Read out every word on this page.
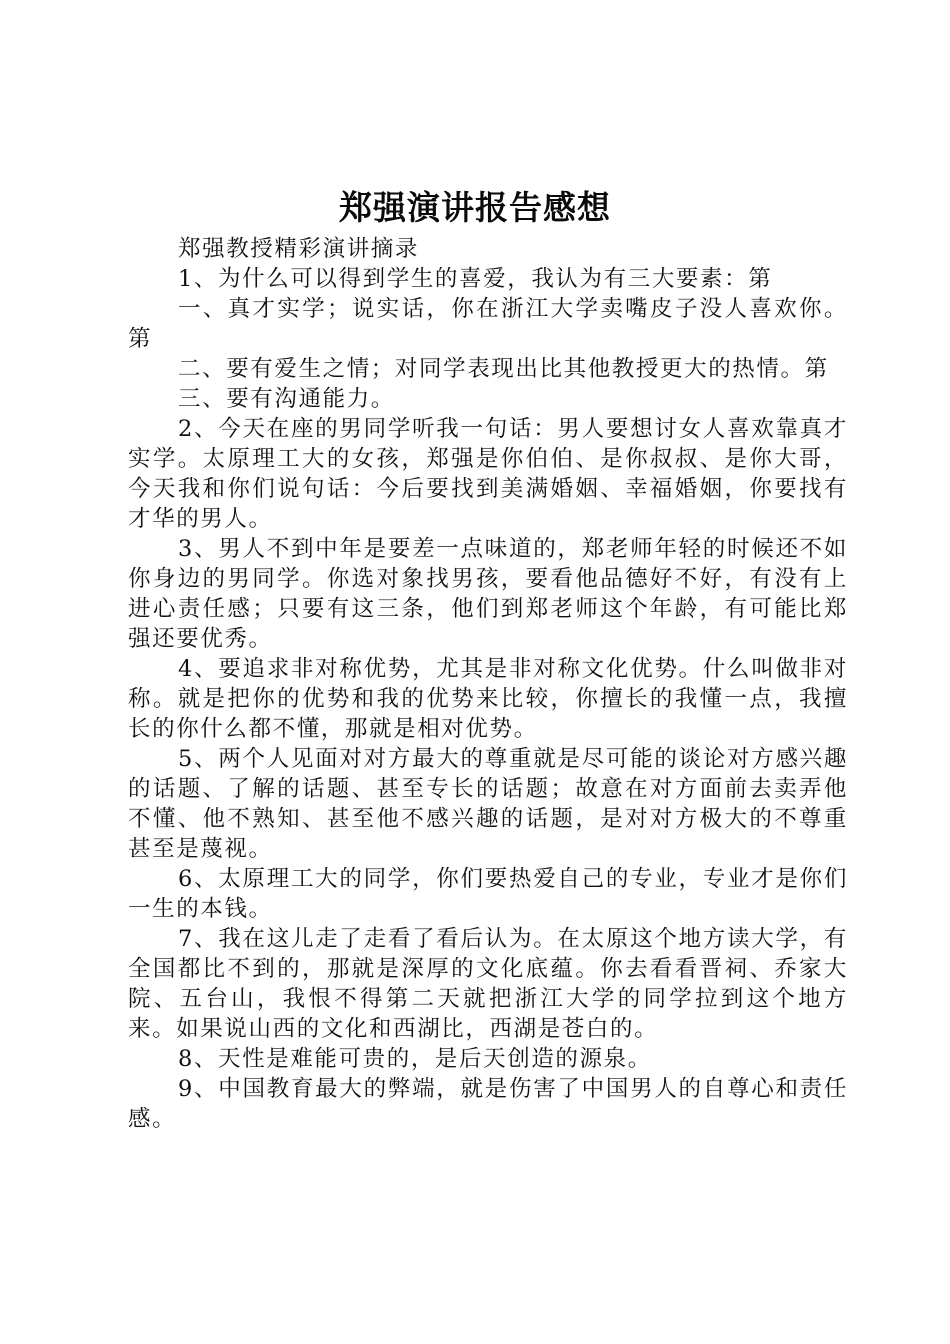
郑强演讲报告感想

郑强教授精彩演讲摘录

1、为什么可以得到学生的喜爱，我认为有三大要素：第

一、真才实学；说实话，你在浙江大学卖嘴皮子没人喜欢你。第

二、要有爱生之情；对同学表现出比其他教授更大的热情。第

三、要有沟通能力。

2、今天在座的男同学听我一句话：男人要想讨女人喜欢靠真才实学。太原理工大的女孩，郑强是你伯伯、是你叔叔、是你大哥，今天我和你们说句话：今后要找到美满婚姻、幸福婚姻，你要找有才华的男人。

3、男人不到中年是要差一点味道的，郑老师年轻的时候还不如你身边的男同学。你选对象找男孩，要看他品德好不好，有没有上进心责任感；只要有这三条，他们到郑老师这个年龄，有可能比郑强还要优秀。

4、要追求非对称优势，尤其是非对称文化优势。什么叫做非对称。就是把你的优势和我的优势来比较，你擅长的我懂一点，我擅长的你什么都不懂，那就是相对优势。

5、两个人见面对对方最大的尊重就是尽可能的谈论对方感兴趣的话题、了解的话题、甚至专长的话题；故意在对方面前去卖弄他不懂、他不熟知、甚至他不感兴趣的话题，是对对方极大的不尊重甚至是蔑视。

6、太原理工大的同学，你们要热爱自己的专业，专业才是你们一生的本钱。

7、我在这儿走了走看了看后认为。在太原这个地方读大学，有全国都比不到的，那就是深厚的文化底蕴。你去看看晋祠、乔家大院、五台山，我恨不得第二天就把浙江大学的同学拉到这个地方来。如果说山西的文化和西湖比，西湖是苍白的。

8、天性是难能可贵的，是后天创造的源泉。

9、中国教育最大的弊端，就是伤害了中国男人的自尊心和责任感。
